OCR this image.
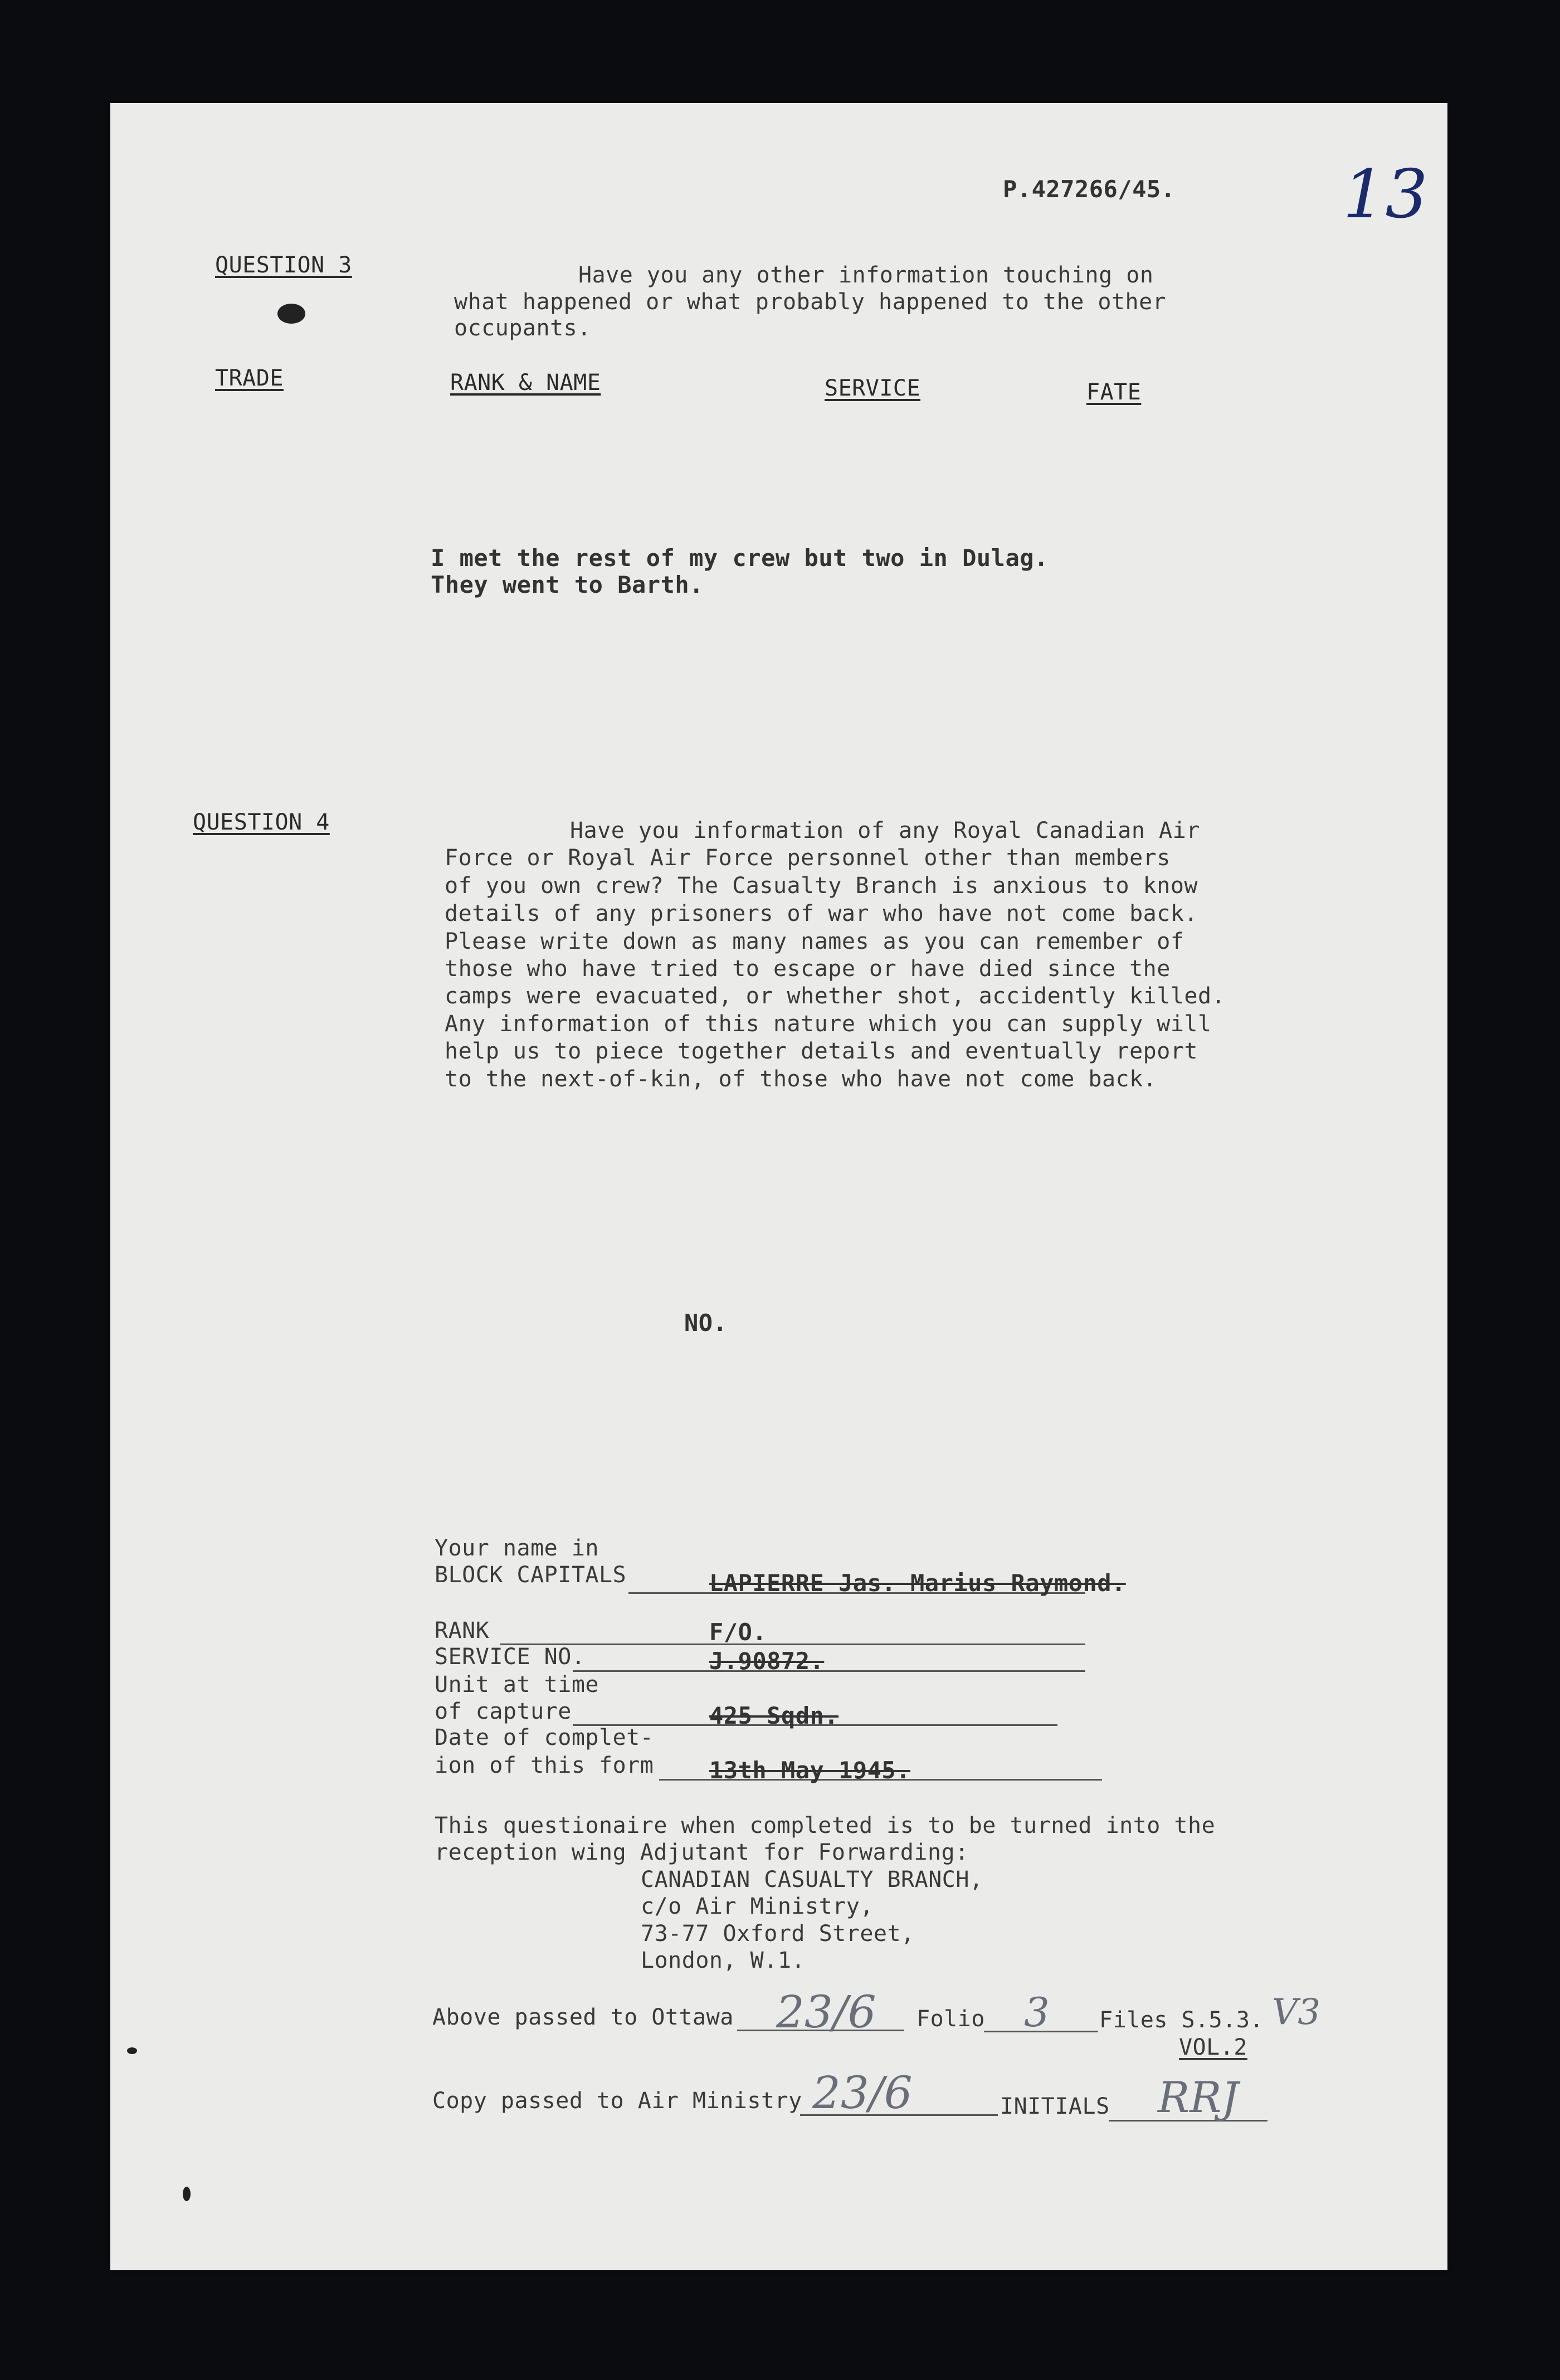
P.427266/45.	13
QUESTION 3	Have you any other information touching on
what happened or what probably happened to the other
occupants.
TRADE	RANK & NAME	SERVICE	FATE
I met the rest of my crew but two in Dulag.
They went to Barth.
QUESTION 4	Have you information of any Royal Canadian Air
Force or Royal Air Force personnel other than members
of you own crew? The Casualty Branch is anxious to know
details of any prisoners of war who have not come back.
Please write down as many names as you can remember of
those who have tried to escape or have died since the
camps were evacuated, or whether shot, accidently killed.
Any information of this nature which you can supply will
help us to piece together details and eventually report
to the next-of-kin, of those who have not come back.
NO.
Your name in
BLOCK CAPITALS	LAPIERRE Jas. Marius Raymond.
RANK	F/O.
SERVICE NO.	J.90872.
Unit at time
of capture	425 Sqdn.
Date of complet-
ion of this form 13th May 1945.
This questionaire when completed is to be turned into the
reception wing Adjutant for Forwarding:
CANADIAN CASUALTY BRANCH,
c/o Air Ministry,
73-77 Oxford Street,
London, W.1.
Above passed to Ottawa 23/6 Folio 3 Files S.5.3. V3
VOL.2
Copy passed to Air Ministry 23/6	INITIALS RRJ
